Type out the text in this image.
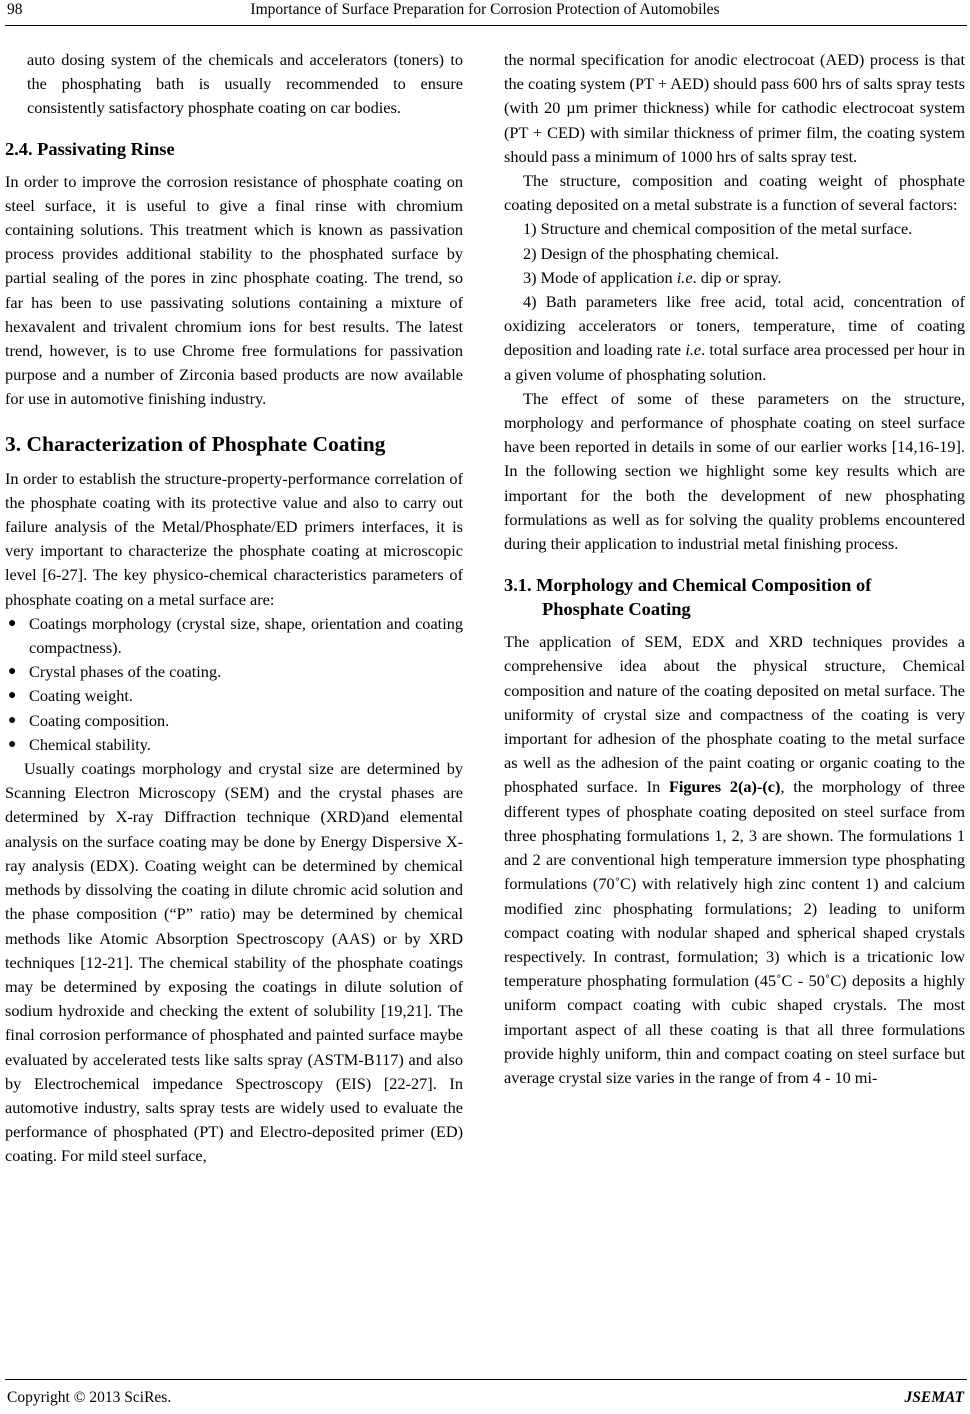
98	Importance of Surface Preparation for Corrosion Protection of Automobiles

auto dosing system of the chemicals and accelerators (toners) to the phosphating bath is usually recommended to ensure consistently satisfactory phosphate coating on car bodies.

2.4. Passivating Rinse

In order to improve the corrosion resistance of phosphate coating on steel surface, it is useful to give a final rinse with chromium containing solutions. This treatment which is known as passivation process provides additional stability to the phosphated surface by partial sealing of the pores in zinc phosphate coating. The trend, so far has been to use passivating solutions containing a mixture of hexavalent and trivalent chromium ions for best results. The latest trend, however, is to use Chrome free formulations for passivation purpose and a number of Zirconia based products are now available for use in automotive finishing industry.

3. Characterization of Phosphate Coating

In order to establish the structure-property-performance correlation of the phosphate coating with its protective value and also to carry out failure analysis of the Metal/Phosphate/ED primers interfaces, it is very important to characterize the phosphate coating at microscopic level [6-27]. The key physico-chemical characteristics parameters of phosphate coating on a metal surface are:

● Coatings morphology (crystal size, shape, orientation and coating compactness).
● Crystal phases of the coating.
● Coating weight.
● Coating composition.
● Chemical stability.

Usually coatings morphology and crystal size are determined by Scanning Electron Microscopy (SEM) and the crystal phases are determined by X-ray Diffraction technique (XRD)and elemental analysis on the surface coating may be done by Energy Dispersive X-ray analysis (EDX). Coating weight can be determined by chemical methods by dissolving the coating in dilute chromic acid solution and the phase composition (“P” ratio) may be determined by chemical methods like Atomic Absorption Spectroscopy (AAS) or by XRD techniques [12-21]. The chemical stability of the phosphate coatings may be determined by exposing the coatings in dilute solution of sodium hydroxide and checking the extent of solubility [19,21]. The final corrosion performance of phosphated and painted surface maybe evaluated by accelerated tests like salts spray (ASTM-B117) and also by Electrochemical impedance Spectroscopy (EIS) [22-27]. In automotive industry, salts spray tests are widely used to evaluate the performance of phosphated (PT) and Electro-deposited primer (ED) coating. For mild steel surface,

the normal specification for anodic electrocoat (AED) process is that the coating system (PT + AED) should pass 600 hrs of salts spray tests (with 20 µm primer thickness) while for cathodic electrocoat system (PT + CED) with similar thickness of primer film, the coating system should pass a minimum of 1000 hrs of salts spray test.

The structure, composition and coating weight of phosphate coating deposited on a metal substrate is a function of several factors:

1) Structure and chemical composition of the metal surface.

2) Design of the phosphating chemical.

3) Mode of application i.e. dip or spray.

4) Bath parameters like free acid, total acid, concentration of oxidizing accelerators or toners, temperature, time of coating deposition and loading rate i.e. total surface area processed per hour in a given volume of phosphating solution.

The effect of some of these parameters on the structure, morphology and performance of phosphate coating on steel surface have been reported in details in some of our earlier works [14,16-19]. In the following section we highlight some key results which are important for the both the development of new phosphating formulations as well as for solving the quality problems encountered during their application to industrial metal finishing process.

3.1. Morphology and Chemical Composition of
Phosphate Coating

The application of SEM, EDX and XRD techniques provides a comprehensive idea about the physical structure, Chemical composition and nature of the coating deposited on metal surface. The uniformity of crystal size and compactness of the coating is very important for adhesion of the phosphate coating to the metal surface as well as the adhesion of the paint coating or organic coating to the phosphated surface. In Figures 2(a)-(c), the morphology of three different types of phosphate coating deposited on steel surface from three phosphating formulations 1, 2, 3 are shown. The formulations 1 and 2 are conventional high temperature immersion type phosphating formulations (70˚C) with relatively high zinc content 1) and calcium modified zinc phosphating formulations; 2) leading to uniform compact coating with nodular shaped and spherical shaped crystals respectively. In contrast, formulation; 3) which is a tricationic low temperature phosphating formulation (45˚C - 50˚C) deposits a highly uniform compact coating with cubic shaped crystals. The most important aspect of all these coating is that all three formulations provide highly uniform, thin and compact coating on steel surface but average crystal size varies in the range of from 4 - 10 mi-

Copyright © 2013 SciRes.	JSEMAT
